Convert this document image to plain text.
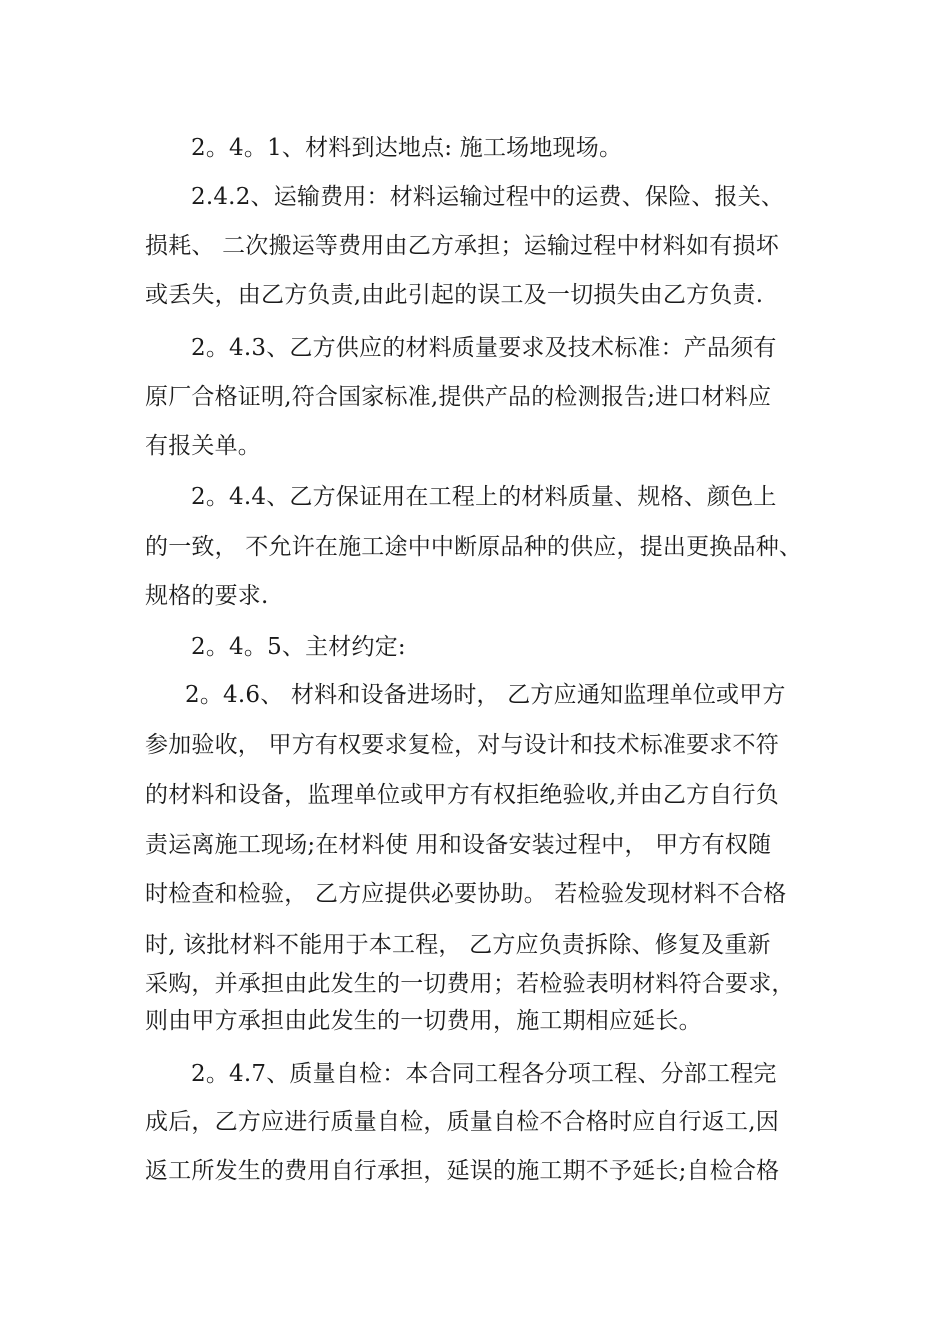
2。4。1、材料到达地点: 施工场地现场。
2.4.2、运输费用：材料运输过程中的运费、保险、报关、
损耗、 二次搬运等费用由乙方承担；运输过程中材料如有损坏
或丢失，由乙方负责,由此引起的误工及一切损失由乙方负责.
2。4.3、乙方供应的材料质量要求及技术标准：产品须有
原厂合格证明,符合国家标准,提供产品的检测报告;进口材料应
有报关单。
2。4.4、乙方保证用在工程上的材料质量、规格、颜色上
的一致， 不允许在施工途中中断原品种的供应，提出更换品种、
规格的要求.
2。4。5、主材约定:
2。4.6、 材料和设备进场时， 乙方应通知监理单位或甲方
参加验收， 甲方有权要求复检，对与设计和技术标准要求不符
的材料和设备，监理单位或甲方有权拒绝验收,并由乙方自行负
责运离施工现场;在材料使 用和设备安装过程中， 甲方有权随
时检查和检验， 乙方应提供必要协助。 若检验发现材料不合格
时, 该批材料不能用于本工程， 乙方应负责拆除、修复及重新
采购，并承担由此发生的一切费用；若检验表明材料符合要求，
则由甲方承担由此发生的一切费用，施工期相应延长。
2。4.7、质量自检：本合同工程各分项工程、分部工程完
成后，乙方应进行质量自检，质量自检不合格时应自行返工,因
返工所发生的费用自行承担，延误的施工期不予延长;自检合格
